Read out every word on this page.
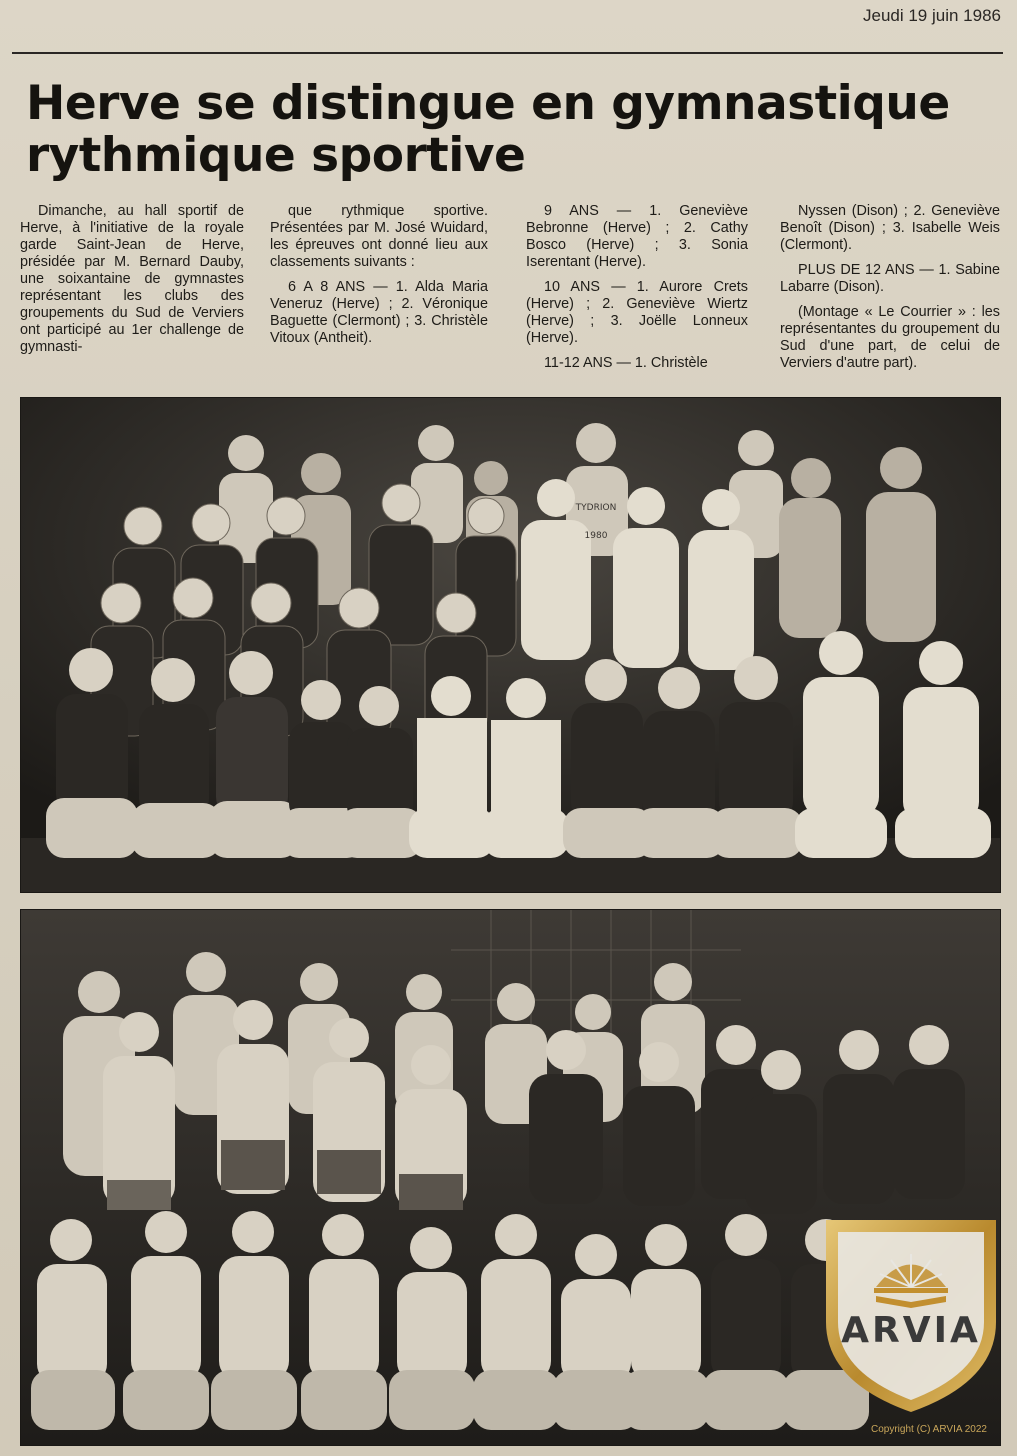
Jeudi 19 juin 1986
Herve se distingue en gymnastique rythmique sportive

Dimanche, au hall sportif de Herve, à l'initiative de la royale garde Saint-Jean de Herve, présidée par M. Bernard Dauby, une soixantaine de gymnastes représentant les clubs des groupements du Sud de Verviers ont participé au 1er challenge de gymnasti-

que rythmique sportive. Présentées par M. José Wuidard, les épreuves ont donné lieu aux classements suivants :

6 A 8 ANS — 1. Alda Maria Veneruz (Herve) ; 2. Véronique Baguette (Clermont) ; 3. Christèle Vitoux (Antheit).

9 ANS — 1. Geneviève Bebronne (Herve) ; 2. Cathy Bosco (Herve) ; 3. Sonia Iserentant (Herve).

10 ANS — 1. Aurore Crets (Herve) ; 2. Geneviève Wiertz (Herve) ; 3. Joëlle Lonneux (Herve).

11-12 ANS — 1. Christèle

Nyssen (Dison) ; 2. Geneviève Benoît (Dison) ; 3. Isabelle Weis (Clermont).

PLUS DE 12 ANS — 1. Sabine Labarre (Dison).

(Montage « Le Courrier » : les représentantes du groupement du Sud d'une part, de celui de Verviers d'autre part).

TYDRION
1980
ARVIA
Copyright (C) ARVIA 2022
